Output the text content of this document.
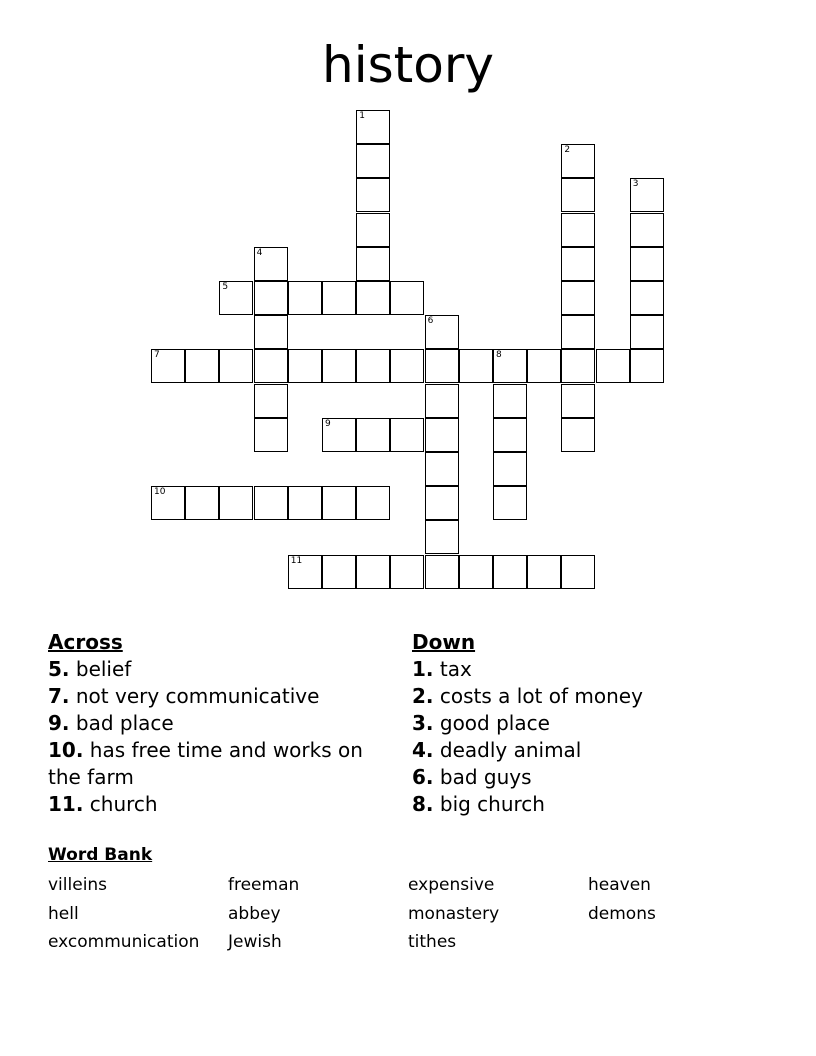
history
1
2
3
4
5
6
7	8
9
10
11
Across
5. belief
7. not very communicative
9. bad place
10. has free time and works on the farm
11. church
Down
1. tax
2. costs a lot of money
3. good place
4. deadly animal
6. bad guys
8. big church
Word Bank
villeins	freeman	expensive	heaven
hell	abbey	monastery	demons
excommunication	Jewish	tithes
